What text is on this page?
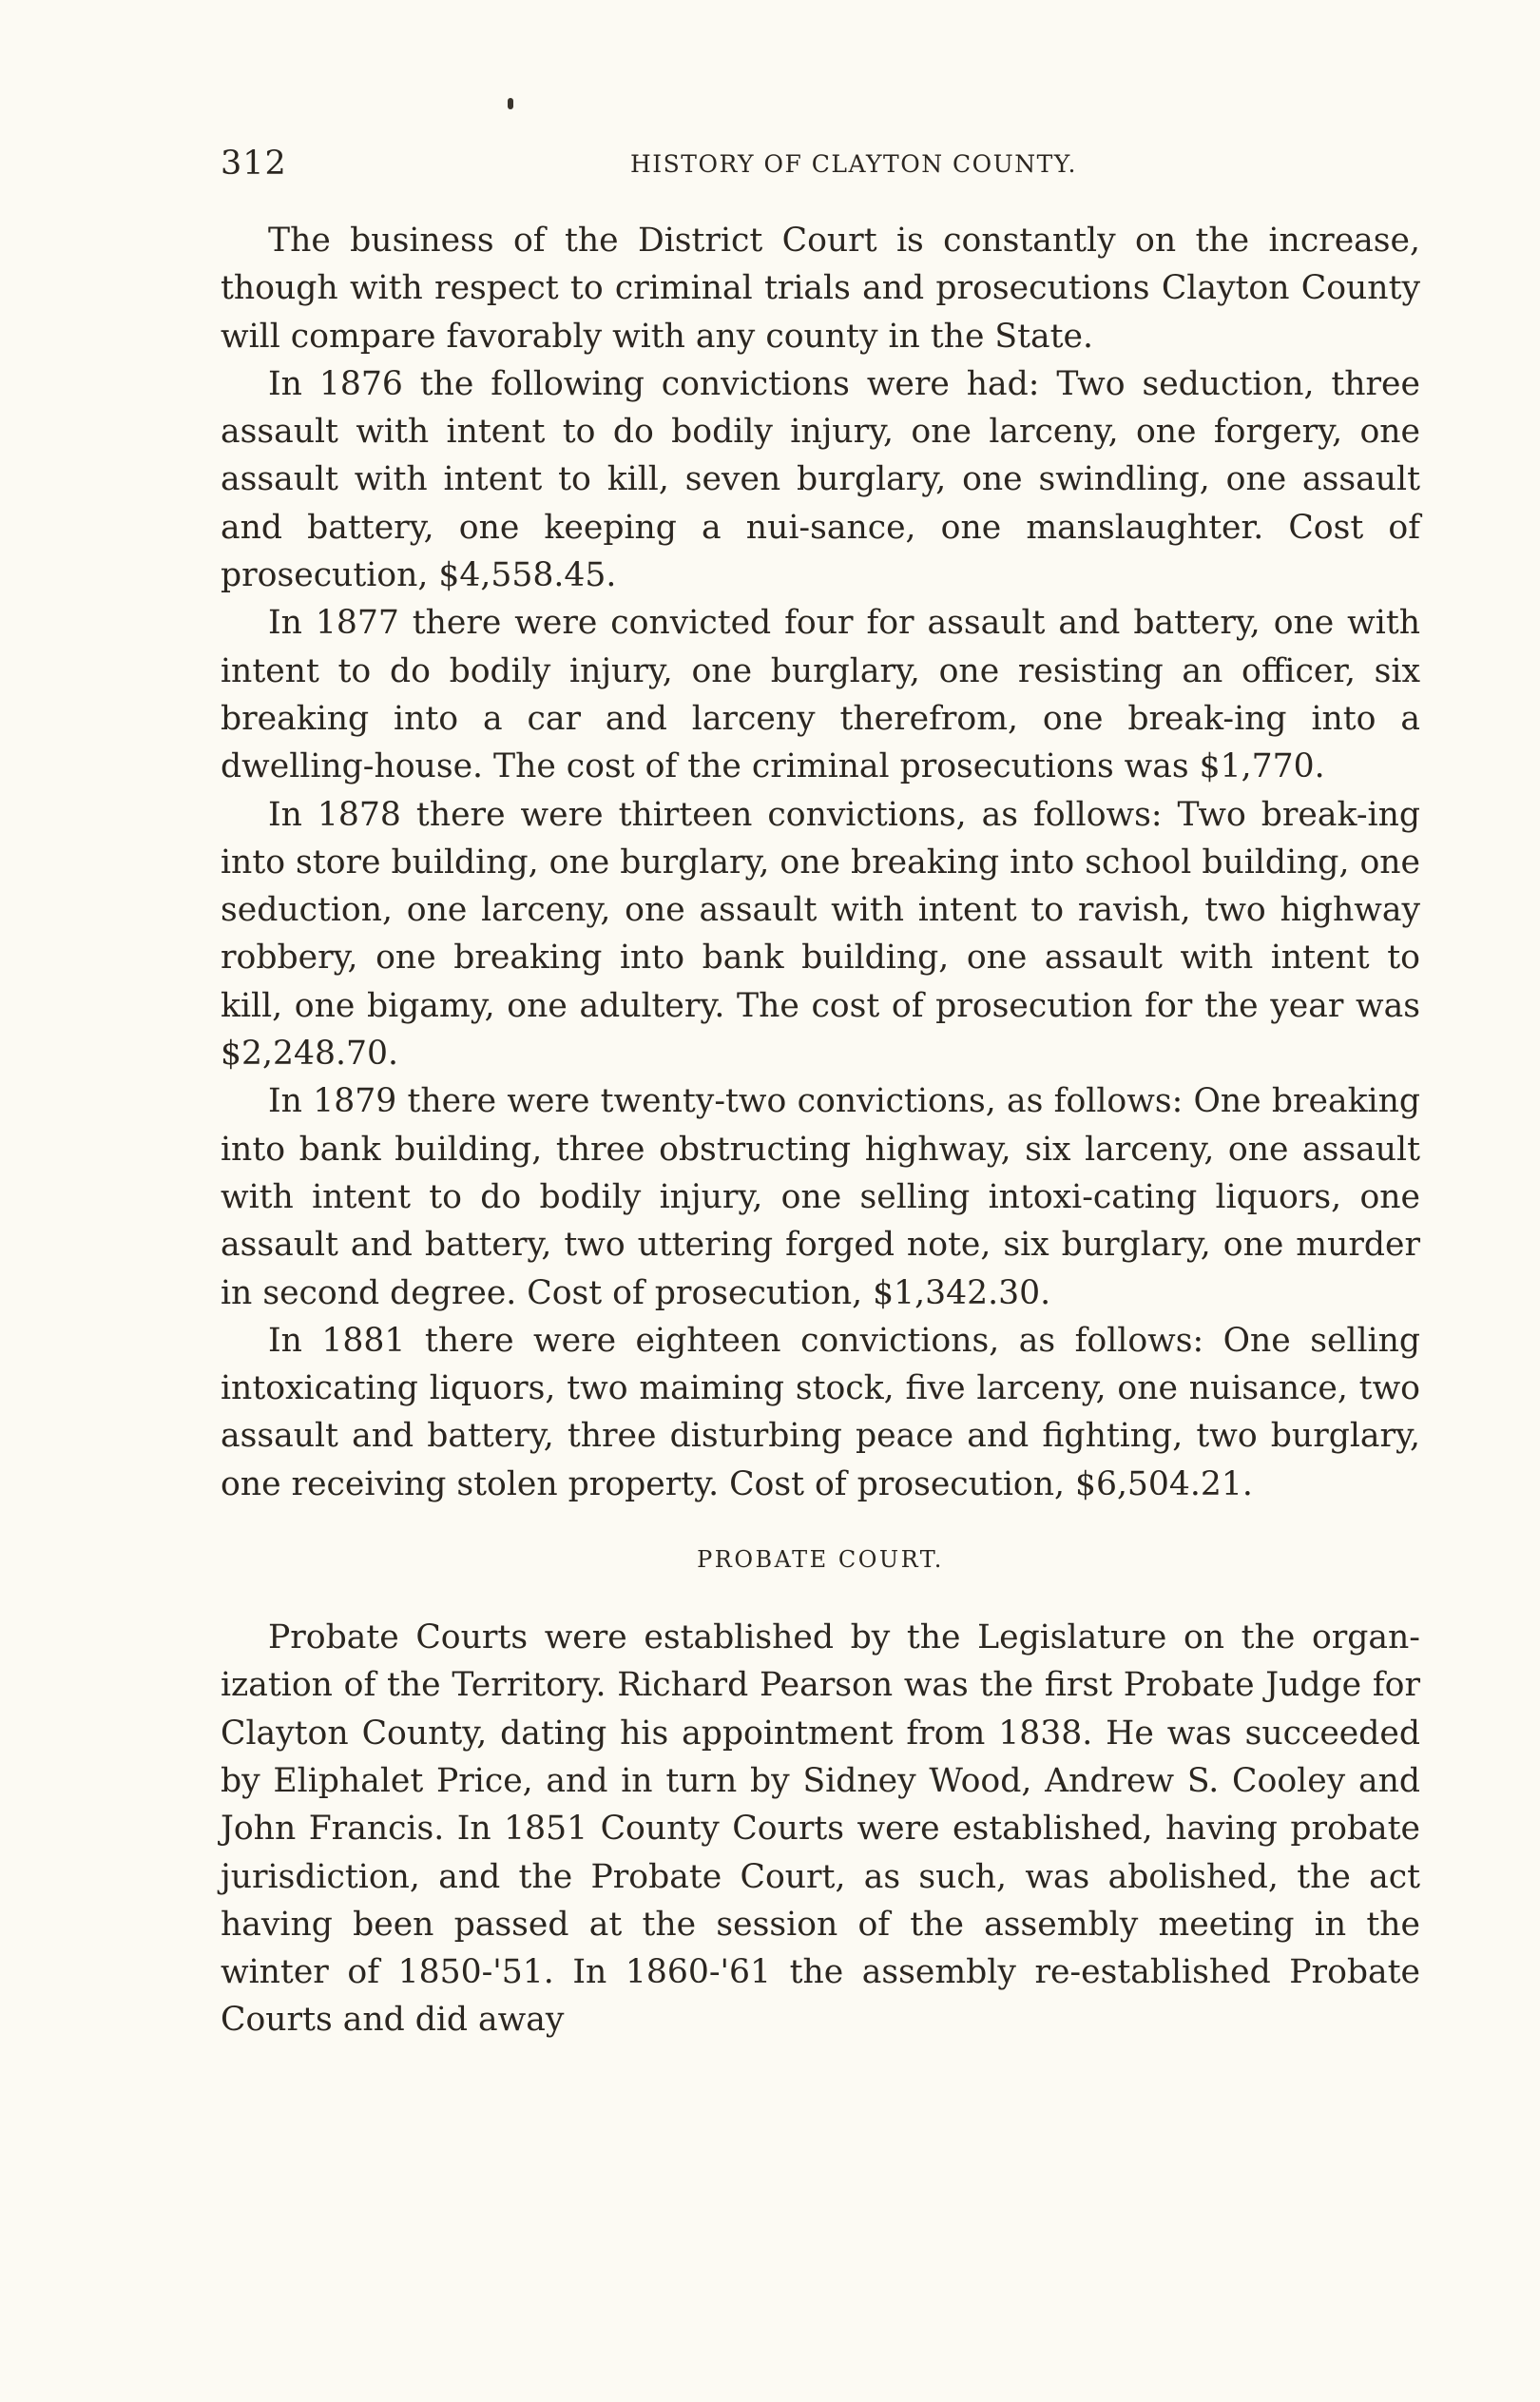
312	HISTORY OF CLAYTON COUNTY.

The business of the District Court is constantly on the increase, though with respect to criminal trials and prosecutions Clayton County will compare favorably with any county in the State.

In 1876 the following convictions were had: Two seduction, three assault with intent to do bodily injury, one larceny, one forgery, one assault with intent to kill, seven burglary, one swindling, one assault and battery, one keeping a nui-sance, one manslaughter. Cost of prosecution, $4,558.45.

In 1877 there were convicted four for assault and battery, one with intent to do bodily injury, one burglary, one resisting an officer, six breaking into a car and larceny therefrom, one break-ing into a dwelling-house. The cost of the criminal prosecutions was $1,770.

In 1878 there were thirteen convictions, as follows: Two break-ing into store building, one burglary, one breaking into school building, one seduction, one larceny, one assault with intent to ravish, two highway robbery, one breaking into bank building, one assault with intent to kill, one bigamy, one adultery. The cost of prosecution for the year was $2,248.70.

In 1879 there were twenty-two convictions, as follows: One breaking into bank building, three obstructing highway, six larceny, one assault with intent to do bodily injury, one selling intoxi-cating liquors, one assault and battery, two uttering forged note, six burglary, one murder in second degree. Cost of prosecution, $1,342.30.

In 1881 there were eighteen convictions, as follows: One selling intoxicating liquors, two maiming stock, five larceny, one nuisance, two assault and battery, three disturbing peace and fighting, two burglary, one receiving stolen property. Cost of prosecution, $6,504.21.

PROBATE COURT.

Probate Courts were established by the Legislature on the organ-ization of the Territory. Richard Pearson was the first Probate Judge for Clayton County, dating his appointment from 1838. He was succeeded by Eliphalet Price, and in turn by Sidney Wood, Andrew S. Cooley and John Francis. In 1851 County Courts were established, having probate jurisdiction, and the Probate Court, as such, was abolished, the act having been passed at the session of the assembly meeting in the winter of 1850-'51. In 1860-'61 the assembly re-established Probate Courts and did away
